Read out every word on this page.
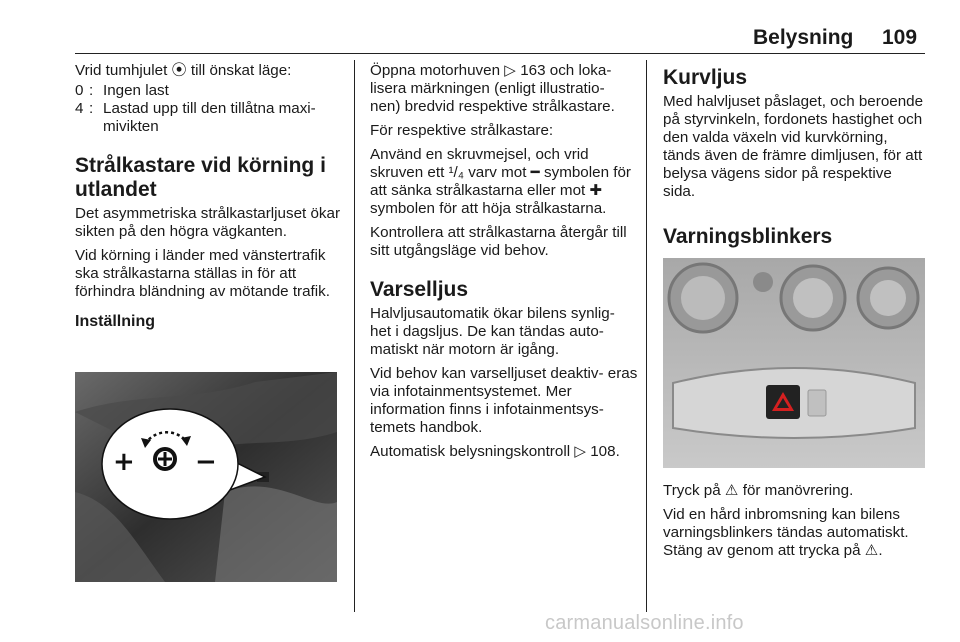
Belysning 109

Vrid tumhjulet ⦿ till önskat läge:

0 : Ingen last
4 : Lastad upp till den tillåtna maxi- mivikten
Strålkastare vid körning i utlandet

Det asymmetriska strålkastarljuset ökar sikten på den högra vägkanten.

Vid körning i länder med vänstertrafik ska strålkastarna ställas in för att förhindra bländning av mötande trafik.

Inställning
+ −

Öppna motorhuven ▷ 163 och loka- lisera märkningen (enligt illustratio- nen) bredvid respektive strålkastare.

För respektive strålkastare:

Använd en skruvmejsel, och vrid skruven ett ¹/₄ varv mot ━ symbolen för att sänka strålkastarna eller mot ✚ symbolen för att höja strålkastarna.

Kontrollera att strålkastarna återgår till sitt utgångsläge vid behov.

Varselljus

Halvljusautomatik ökar bilens synlig- het i dagsljus. De kan tändas auto- matiskt när motorn är igång.

Vid behov kan varselljuset deaktiv- eras via infotainmentsystemet. Mer information finns i infotainmentsys- temets handbok.

Automatisk belysningskontroll ▷ 108.

Kurvljus

Med halvljuset påslaget, och beroende på styrvinkeln, fordonets hastighet och den valda växeln vid kurvkörning, tänds även de främre dimljusen, för att belysa vägens sidor på respektive sida.

Varningsblinkers

Tryck på ⚠ för manövrering.

Vid en hård inbromsning kan bilens varningsblinkers tändas automatiskt. Stäng av genom att trycka på ⚠.

carmanualsonline.info
